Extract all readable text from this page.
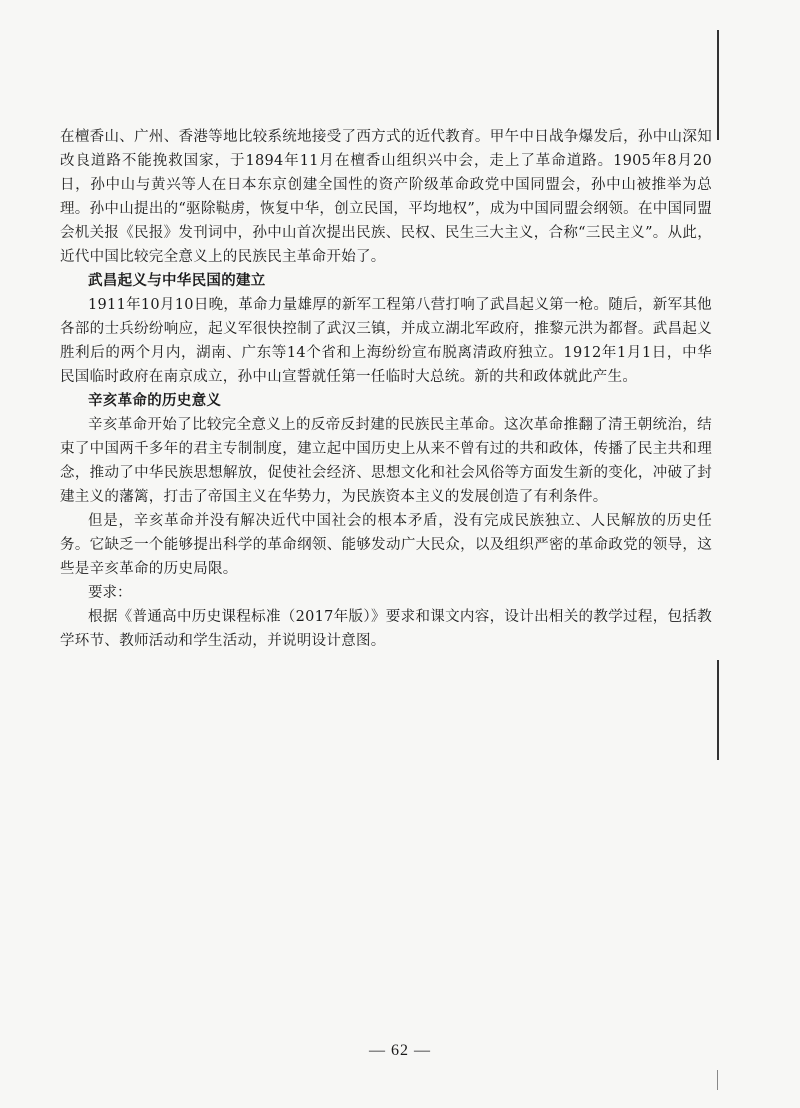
在檀香山、广州、香港等地比较系统地接受了西方式的近代教育。甲午中日战争爆发后，孙中山深知改良道路不能挽救国家，于1894年11月在檀香山组织兴中会，走上了革命道路。1905年8月20日，孙中山与黄兴等人在日本东京创建全国性的资产阶级革命政党中国同盟会，孙中山被推举为总理。孙中山提出的“驱除鞑虏，恢复中华，创立民国，平均地权”，成为中国同盟会纲领。在中国同盟会机关报《民报》发刊词中，孙中山首次提出民族、民权、民生三大主义，合称“三民主义”。从此，近代中国比较完全意义上的民族民主革命开始了。

武昌起义与中华民国的建立

1911年10月10日晚，革命力量雄厚的新军工程第八营打响了武昌起义第一枪。随后，新军其他各部的士兵纷纷响应，起义军很快控制了武汉三镇，并成立湖北军政府，推黎元洪为都督。武昌起义胜利后的两个月内，湖南、广东等14个省和上海纷纷宣布脱离清政府独立。1912年1月1日，中华民国临时政府在南京成立，孙中山宣誓就任第一任临时大总统。新的共和政体就此产生。

辛亥革命的历史意义

辛亥革命开始了比较完全意义上的反帝反封建的民族民主革命。这次革命推翻了清王朝统治，结束了中国两千多年的君主专制制度，建立起中国历史上从来不曾有过的共和政体，传播了民主共和理念，推动了中华民族思想解放，促使社会经济、思想文化和社会风俗等方面发生新的变化，冲破了封建主义的藩篱，打击了帝国主义在华势力，为民族资本主义的发展创造了有利条件。

但是，辛亥革命并没有解决近代中国社会的根本矛盾，没有完成民族独立、人民解放的历史任务。它缺乏一个能够提出科学的革命纲领、能够发动广大民众，以及组织严密的革命政党的领导，这些是辛亥革命的历史局限。

要求：

根据《普通高中历史课程标准（2017年版）》要求和课文内容，设计出相关的教学过程，包括教学环节、教师活动和学生活动，并说明设计意图。

— 62 —
